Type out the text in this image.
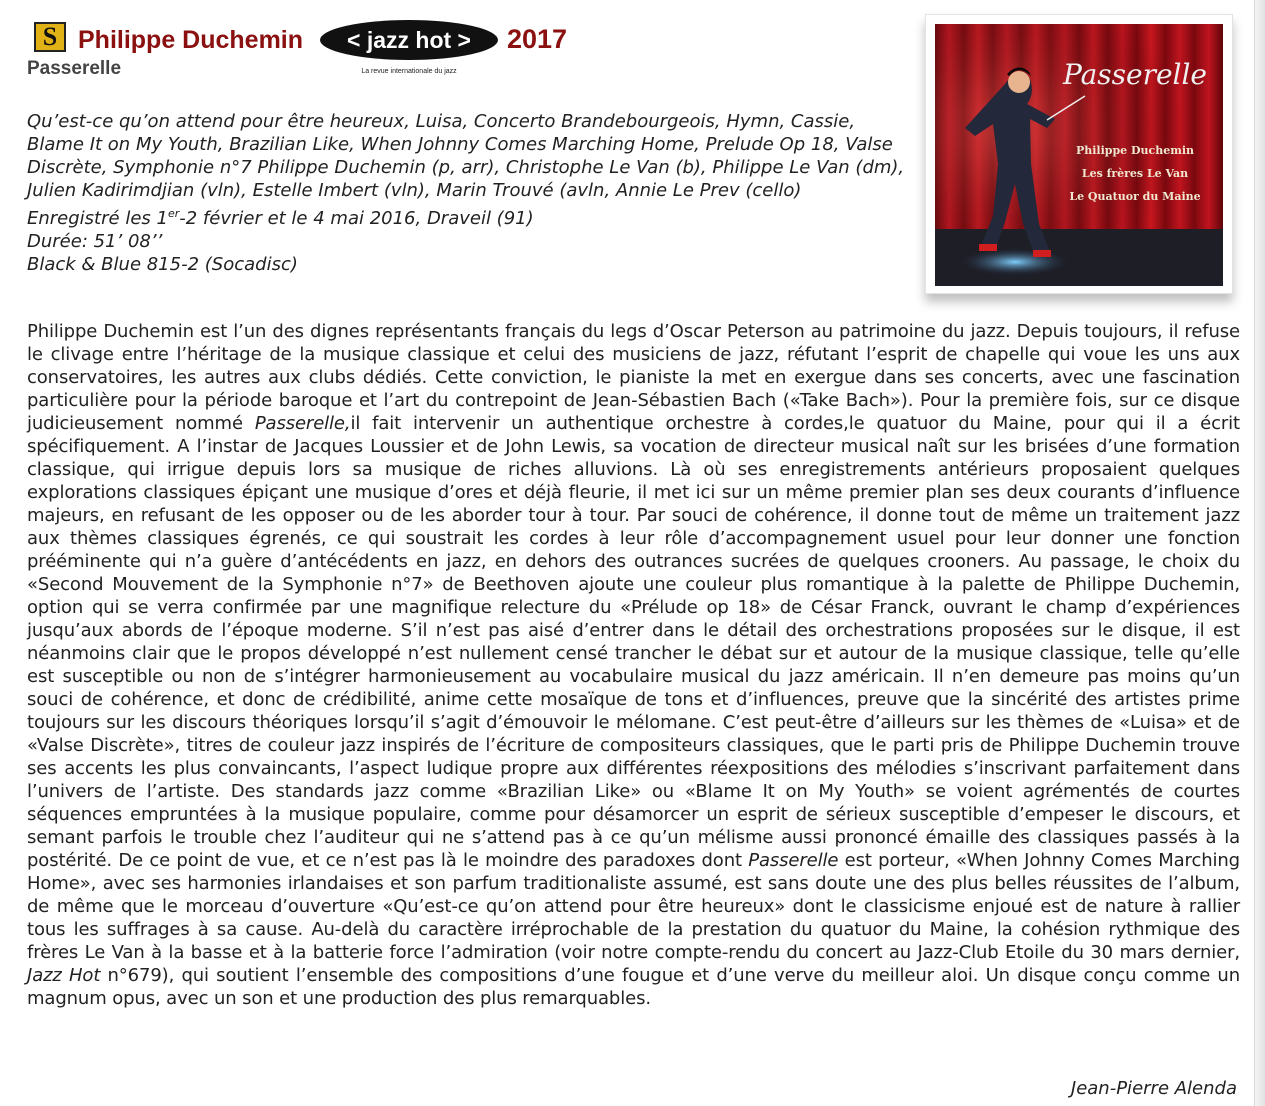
S Philippe Duchemin
Passerelle
< jazz hot >
La revue internationale du jazz
2017
Passerelle
Philippe Duchemin
Les frères Le Van
Le Quatuor du Maine

Qu’est-ce qu’on attend pour être heureux, Luisa, Concerto Brandebourgeois, Hymn, Cassie, Blame It on My Youth, Brazilian Like, When Johnny Comes Marching Home, Prelude Op 18, Valse Discrète, Symphonie n°7 Philippe Duchemin (p, arr), Christophe Le Van (b), Philippe Le Van (dm), Julien Kadirimdjian (vln), Estelle Imbert (vln), Marin Trouvé (avln, Annie Le Prev (cello)

Enregistré les 1er-2 février et le 4 mai 2016, Draveil (91)

Durée: 51’ 08’’

Black & Blue 815-2 (Socadisc)

Philippe Duchemin est l’un des dignes représentants français du legs d’Oscar Peterson au patrimoine du jazz. Depuis toujours, il refuse le clivage entre l’héritage de la musique classique et celui des musiciens de jazz, réfutant l’esprit de chapelle qui voue les uns aux conservatoires, les autres aux clubs dédiés. Cette conviction, le pianiste la met en exergue dans ses concerts, avec une fascination particulière pour la période baroque et l’art du contrepoint de Jean-Sébastien Bach («Take Bach»). Pour la première fois, sur ce disque judicieusement nommé Passerelle,il fait intervenir un authentique orchestre à cordes,le quatuor du Maine, pour qui il a écrit spécifiquement. A l’instar de Jacques Loussier et de John Lewis, sa vocation de directeur musical naît sur les brisées d’une formation classique, qui irrigue depuis lors sa musique de riches alluvions. Là où ses enregistrements antérieurs proposaient quelques explorations classiques épiçant une musique d’ores et déjà fleurie, il met ici sur un même premier plan ses deux courants d’influence majeurs, en refusant de les opposer ou de les aborder tour à tour. Par souci de cohérence, il donne tout de même un traitement jazz aux thèmes classiques égrenés, ce qui soustrait les cordes à leur rôle d’accompagnement usuel pour leur donner une fonction prééminente qui n’a guère d’antécédents en jazz, en dehors des outrances sucrées de quelques crooners. Au passage, le choix du «Second Mouvement de la Symphonie n°7» de Beethoven ajoute une couleur plus romantique à la palette de Philippe Duchemin, option qui se verra confirmée par une magnifique relecture du «Prélude op 18» de César Franck, ouvrant le champ d’expériences jusqu’aux abords de l’époque moderne. S’il n’est pas aisé d’entrer dans le détail des orchestrations proposées sur le disque, il est néanmoins clair que le propos développé n’est nullement censé trancher le débat sur et autour de la musique classique, telle qu’elle est susceptible ou non de s’intégrer harmonieusement au vocabulaire musical du jazz américain. Il n’en demeure pas moins qu’un souci de cohérence, et donc de crédibilité, anime cette mosaïque de tons et d’influences, preuve que la sincérité des artistes prime toujours sur les discours théoriques lorsqu’il s’agit d’émouvoir le mélomane. C’est peut-être d’ailleurs sur les thèmes de «Luisa» et de «Valse Discrète», titres de couleur jazz inspirés de l’écriture de compositeurs classiques, que le parti pris de Philippe Duchemin trouve ses accents les plus convaincants, l’aspect ludique propre aux différentes réexpositions des mélodies s’inscrivant parfaitement dans l’univers de l’artiste. Des standards jazz comme «Brazilian Like» ou «Blame It on My Youth» se voient agrémentés de courtes séquences empruntées à la musique populaire, comme pour désamorcer un esprit de sérieux susceptible d’empeser le discours, et semant parfois le trouble chez l’auditeur qui ne s’attend pas à ce qu’un mélisme aussi prononcé émaille des classiques passés à la postérité. De ce point de vue, et ce n’est pas là le moindre des paradoxes dont Passerelle est porteur, «When Johnny Comes Marching Home», avec ses harmonies irlandaises et son parfum traditionaliste assumé, est sans doute une des plus belles réussites de l’album, de même que le morceau d’ouverture «Qu’est-ce qu’on attend pour être heureux» dont le classicisme enjoué est de nature à rallier tous les suffrages à sa cause. Au-delà du caractère irréprochable de la prestation du quatuor du Maine, la cohésion rythmique des frères Le Van à la basse et à la batterie force l’admiration (voir notre compte-rendu du concert au Jazz-Club Etoile du 30 mars dernier, Jazz Hot n°679), qui soutient l’ensemble des compositions d’une fougue et d’une verve du meilleur aloi. Un disque conçu comme un magnum opus, avec un son et une production des plus remarquables.

Jean-Pierre Alenda
